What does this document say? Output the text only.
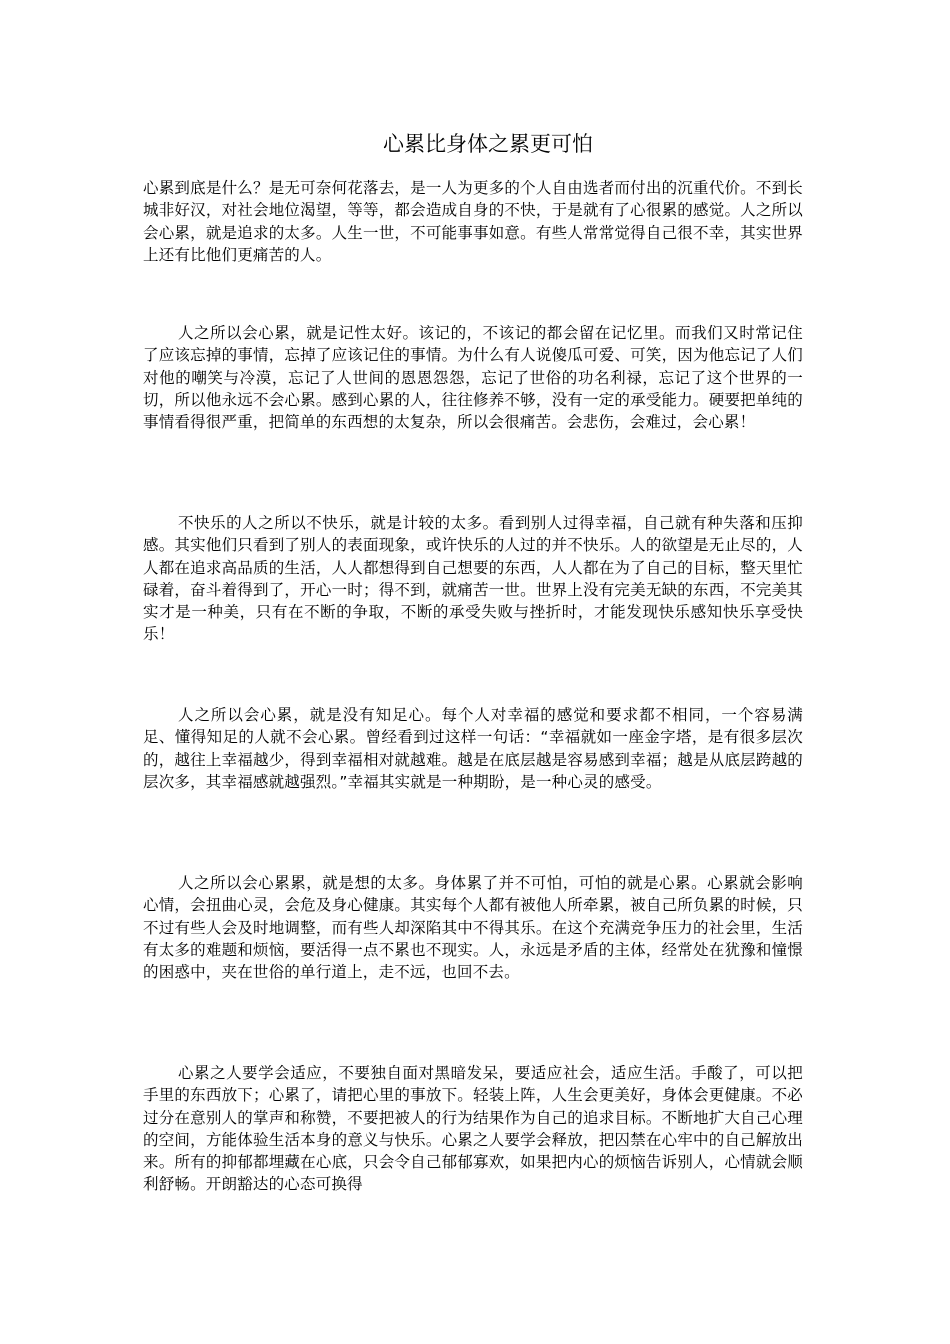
心累比身体之累更可怕

心累到底是什么？是无可奈何花落去，是一人为更多的个人自由选者而付出的沉重代价。不到长城非好汉，对社会地位渴望，等等，都会造成自身的不快，于是就有了心很累的感觉。人之所以会心累，就是追求的太多。人生一世，不可能事事如意。有些人常常觉得自己很不幸，其实世界上还有比他们更痛苦的人。

人之所以会心累，就是记性太好。该记的，不该记的都会留在记忆里。而我们又时常记住了应该忘掉的事情，忘掉了应该记住的事情。为什么有人说傻瓜可爱、可笑，因为他忘记了人们对他的嘲笑与冷漠，忘记了人世间的恩恩怨怨，忘记了世俗的功名利禄，忘记了这个世界的一切，所以他永远不会心累。感到心累的人，往往修养不够，没有一定的承受能力。硬要把单纯的事情看得很严重，把简单的东西想的太复杂，所以会很痛苦。会悲伤，会难过，会心累！

不快乐的人之所以不快乐，就是计较的太多。看到别人过得幸福，自己就有种失落和压抑感。其实他们只看到了别人的表面现象，或许快乐的人过的并不快乐。人的欲望是无止尽的，人人都在追求高品质的生活，人人都想得到自己想要的东西，人人都在为了自己的目标，整天里忙碌着，奋斗着得到了，开心一时；得不到，就痛苦一世。世界上没有完美无缺的东西，不完美其实才是一种美，只有在不断的争取，不断的承受失败与挫折时，才能发现快乐感知快乐享受快乐！

人之所以会心累，就是没有知足心。每个人对幸福的感觉和要求都不相同，一个容易满足、懂得知足的人就不会心累。曾经看到过这样一句话：“幸福就如一座金字塔，是有很多层次的，越往上幸福越少，得到幸福相对就越难。越是在底层越是容易感到幸福；越是从底层跨越的层次多，其幸福感就越强烈。”幸福其实就是一种期盼，是一种心灵的感受。

人之所以会心累累，就是想的太多。身体累了并不可怕，可怕的就是心累。心累就会影响心情，会扭曲心灵，会危及身心健康。其实每个人都有被他人所牵累，被自己所负累的时候，只不过有些人会及时地调整，而有些人却深陷其中不得其乐。在这个充满竞争压力的社会里，生活有太多的难题和烦恼，要活得一点不累也不现实。人，永远是矛盾的主体，经常处在犹豫和憧憬的困惑中，夹在世俗的单行道上，走不远，也回不去。

心累之人要学会适应，不要独自面对黑暗发呆，要适应社会，适应生活。手酸了，可以把手里的东西放下；心累了，请把心里的事放下。轻装上阵，人生会更美好，身体会更健康。不必过分在意别人的掌声和称赞，不要把被人的行为结果作为自己的追求目标。不断地扩大自己心理的空间，方能体验生活本身的意义与快乐。心累之人要学会释放，把囚禁在心牢中的自己解放出来。所有的抑郁都埋藏在心底，只会令自己郁郁寡欢，如果把内心的烦恼告诉别人，心情就会顺利舒畅。开朗豁达的心态可换得
